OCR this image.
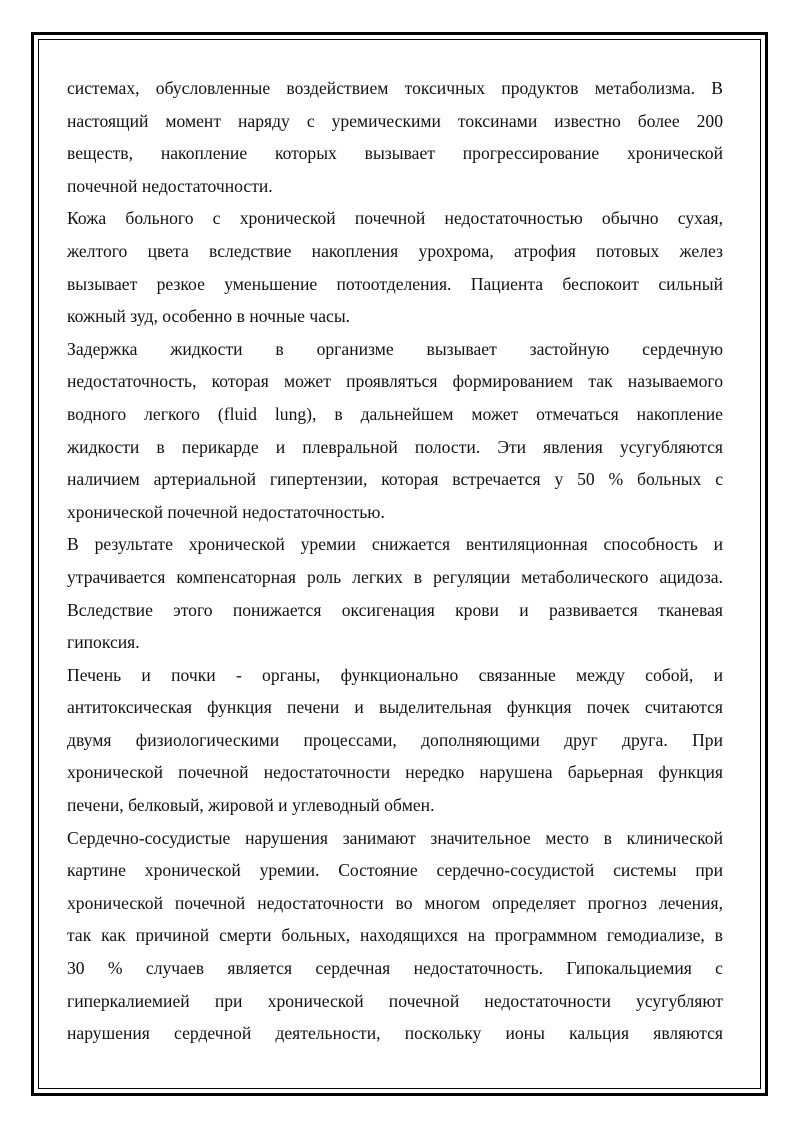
системах, обусловленные воздействием токсичных продуктов метаболизма. В
настоящий момент наряду с уремическими токсинами известно более 200
веществ, накопление которых вызывает прогрессирование хронической
почечной недостаточности.

Кожа больного с хронической почечной недостаточностью обычно сухая,
желтого цвета вследствие накопления урохрома, атрофия потовых желез
вызывает резкое уменьшение потоотделения. Пациента беспокоит сильный
кожный зуд, особенно в ночные часы.

Задержка жидкости в организме вызывает застойную сердечную
недостаточность, которая может проявляться формированием так называемого
водного легкого (fluid lung), в дальнейшем может отмечаться накопление
жидкости в перикарде и плевральной полости. Эти явления усугубляются
наличием артериальной гипертензии, которая встречается у 50 % больных с
хронической почечной недостаточностью.

В результате хронической уремии снижается вентиляционная способность и
утрачивается компенсаторная роль легких в регуляции метаболического ацидоза.
Вследствие этого понижается оксигенация крови и развивается тканевая
гипоксия.

Печень и почки - органы, функционально связанные между собой, и
антитоксическая функция печени и выделительная функция почек считаются
двумя физиологическими процессами, дополняющими друг друга. При
хронической почечной недостаточности нередко нарушена барьерная функция
печени, белковый, жировой и углеводный обмен.

Сердечно-сосудистые нарушения занимают значительное место в клинической
картине хронической уремии. Состояние сердечно-сосудистой системы при
хронической почечной недостаточности во многом определяет прогноз лечения,
так как причиной смерти больных, находящихся на программном гемодиализе, в
30 % случаев является сердечная недостаточность. Гипокальциемия с
гиперкалиемией при хронической почечной недостаточности усугубляют
нарушения сердечной деятельности, поскольку ионы кальция являются
